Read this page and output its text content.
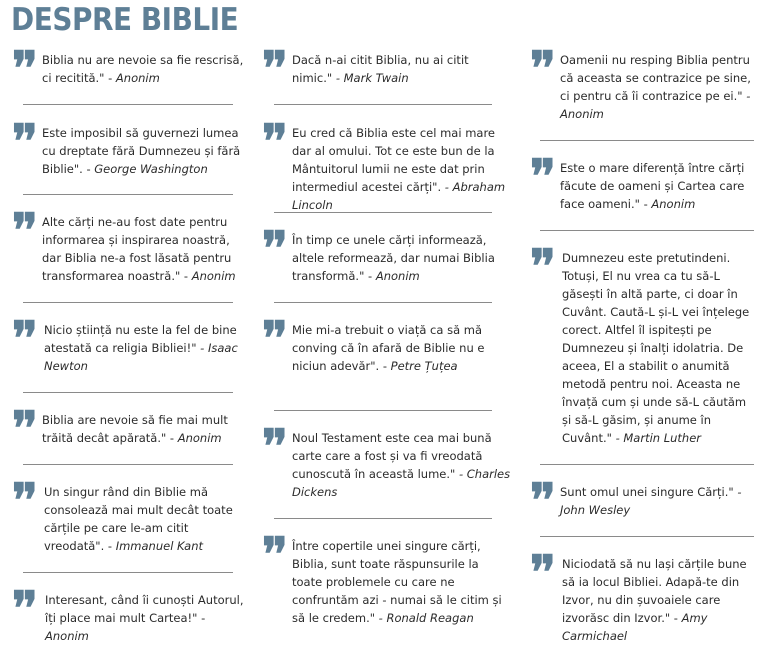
DESPRE BIBLIE
❜❜ Biblia nu are nevoie sa fie rescrisă, ci recitită." - Anonim
❜❜ Este imposibil să guvernezi lumea cu dreptate fără Dumnezeu și fără Biblie". - George Washington
❜❜ Alte cărți ne-au fost date pentru informarea și inspirarea noastră, dar Biblia ne-a fost lăsată pentru transformarea noastră." - Anonim
❜❜ Nicio știință nu este la fel de bine atestată ca religia Bibliei!" - Isaac Newton
❜❜ Biblia are nevoie să fie mai mult trăită decât apărată." - Anonim
❜❜ Un singur rând din Biblie mă consolează mai mult decât toate cărțile pe care le-am citit vreodată". - Immanuel Kant
❜❜ Interesant, când îi cunoști Autorul, îți place mai mult Cartea!" - Anonim
❜❜ Dacă n-ai citit Biblia, nu ai citit nimic." - Mark Twain
❜❜ Eu cred că Biblia este cel mai mare dar al omului. Tot ce este bun de la Mântuitorul lumii ne este dat prin intermediul acestei cărți". - Abraham Lincoln
❜❜ În timp ce unele cărți informează, altele reformează, dar numai Biblia transformă." - Anonim
❜❜ Mie mi-a trebuit o viață ca să mă conving că în afară de Biblie nu e niciun adevăr". - Petre Țuțea
❜❜ Noul Testament este cea mai bună carte care a fost și va fi vreodată cunoscută în această lume." - Charles Dickens
❜❜ Între copertile unei singure cărți, Biblia, sunt toate răspunsurile la toate problemele cu care ne confruntăm azi - numai să le citim și să le credem." - Ronald Reagan
❜❜ Oamenii nu resping Biblia pentru că aceasta se contrazice pe sine, ci pentru că îi contrazice pe ei." - Anonim
❜❜ Este o mare diferență între cărți făcute de oameni și Cartea care face oameni." - Anonim
❜❜ Dumnezeu este pretutindeni. Totuși, El nu vrea ca tu să-L găsești în altă parte, ci doar în Cuvânt. Caută-L și-L vei înțelege corect. Altfel îl ispitești pe Dumnezeu și înalți idolatria. De aceea, El a stabilit o anumită metodă pentru noi. Aceasta ne învață cum și unde să-L căutăm și să-L găsim, și anume în Cuvânt." - Martin Luther
❜❜ Sunt omul unei singure Cărți." - John Wesley
❜❜ Niciodată să nu lași cărțile bune să ia locul Bibliei. Adapă-te din Izvor, nu din șuvoaiele care izvorăsc din Izvor." - Amy Carmichael
